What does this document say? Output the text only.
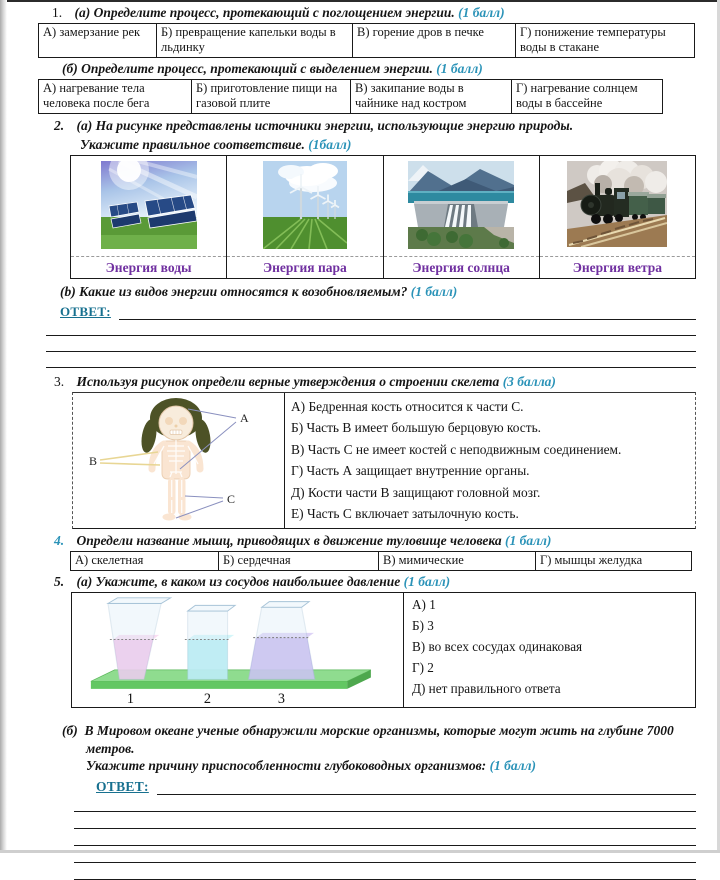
1. (а) Определите процесс, протекающий с поглощением энергии. (1 балл)
А) замерзание рек	Б) превращение капельки воды в льдинку	В) горение дров в печке	Г) понижение температуры воды в стакане
(б) Определите процесс, протекающий с выделением энергии. (1 балл)
А) нагревание тела человека после бега	Б) приготовление пищи на газовой плите	В) закипание воды в чайнике над костром	Г) нагревание солнцем воды в бассейне
2. (а) На рисунке представлены источники энергии, использующие энергию природы.
Укажите правильное соответствие. (1балл)
Энергия воды	Энергия пара	Энергия солнца	Энергия ветра
(b) Какие из видов энергии относятся к возобновляемым? (1 балл)
ОТВЕТ:
3. Используя рисунок определи верные утверждения о строении скелета (3 балла)
A
B
C
А) Бедренная кость относится к части С.
Б) Часть В имеет большую берцовую кость.
В) Часть С не имеет костей с неподвижным соединением.
Г) Часть А защищает внутренние органы.
Д) Кости части В защищают головной мозг.
Е) Часть С включает затылочную кость.
4. Определи название мышц, приводящих в движение туловище человека (1 балл)
А) скелетная	Б) сердечная	В) мимические	Г) мышцы желудка
5. (а) Укажите, в каком из сосудов наибольшее давление (1 балл)
1	2	3
А) 1
Б) 3
В) во всех сосудах одинаковая
Г) 2
Д) нет правильного ответа
(б) В Мировом океане ученые обнаружили морские организмы, которые могут жить на глубине 7000
метров.
Укажите причину приспособленности глубоководных организмов: (1 балл)
ОТВЕТ:
